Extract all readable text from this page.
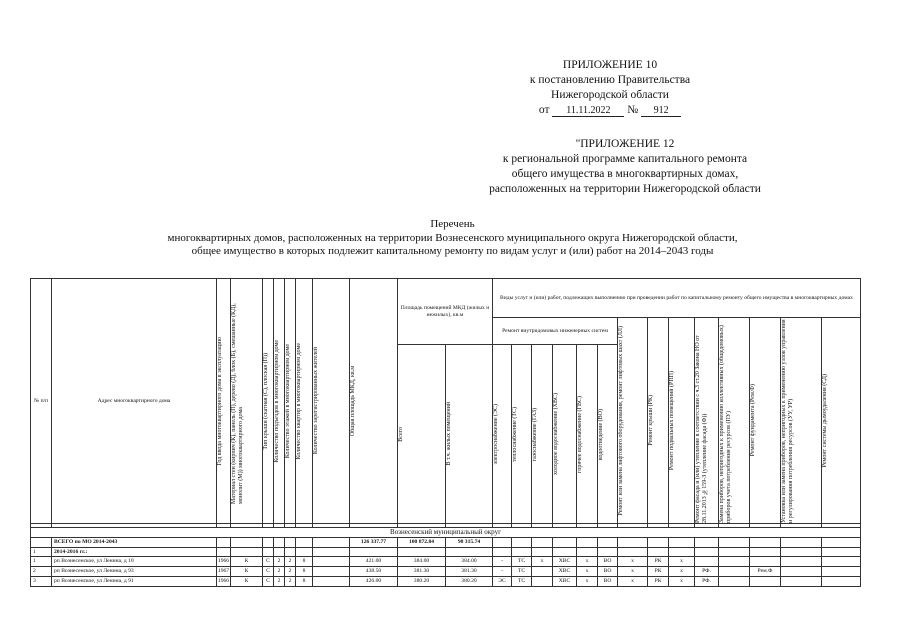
ПРИЛОЖЕНИЕ 10
к постановлению Правительства
Нижегородской области
от 11.11.2022 № 912
"ПРИЛОЖЕНИЕ 12
к региональной программе капитального ремонта
общего имущества в многоквартирных домах,
расположенных на территории Нижегородской области
Перечень
многоквартирных домов, расположенных на территории Вознесенского муниципального округа Нижегородской области,
общее имущество в которых подлежит капитальному ремонту по видам услуг и (или) работ на 2014–2043 годы
№ п/п	Адрес многоквартирного дома	Год ввода многоквартирного дома в эксплуатацию	Материал стен (кирпич (К), панель (П), дерево (Д), блок (Б), смешанные (КД), монолит (М)) многоквартирного дома	Тип крыши (скатная (С), плоская (П))	Количество подъездов в многоквартирном доме	Количество этажей в многоквартирном доме	Количество квартир в многоквартирном доме	Количество зарегистрированных жителей	Общая площадь МКД, кв.м	Площадь помещений МКД (жилых и нежилых), кв.м		Виды услуг и (или) работ, подлежащих выполнению при проведении работ по капитальному ремонту общего имущества в многоквартирных домах													
												Ремонт внутридомовых инженерных систем						Ремонт или замена лифтового оборудования, ремонт лифтовых шахт (ЛЛ)	Ремонт крыши (РК)	Ремонт подвальных помещений (РПП)	Ремонт фасада и (или) утепление в соответствии с ч.3 ст.20 Закона НО от 28.11.2013 №159-З (утепление фасада (Ф))	Замена приборов, непригодных к применению коллективных (общедомовых) приборов учета потребления ресурсов (ПУ)	Ремонт фундамента (Рем.Ф)	Установка или замена приборов, непригодных к применению узлов управления и регулирования потребления ресурсов (УУ, УР)	Ремонт системы дымоудаления (СД)

										Всего	В т.ч. жилых помещений	электроснабжение (ЭС)	теплоснабжение (ТС)	газоснабжение (ГАЗ)	холодное водоснабжение (ХВС)	горячее водоснабжение (ГВС)	водоотведение (ВО)								

Вознесенский муниципальный округ																									
	ВСЕГО по МО 2014-2043								126 337.77	100 872.84	98 315.74														
1	2014-2016 гг.:																								
1	рп Вознесенское, ул Ленина, д 10	1966	К	С	2	2	8		421.00	384.00	384.00	-	ТС	x	ХВС	x	ВО	x	РК	x					
2	рп Вознесенское, ул Ленина, д 93	1967	К	С	2	2	8		438.50	381.30	381.30	-	ТС		ХВС	x	ВО	x	РК	x	РФ.		Рем.Ф		
3	рп Вознесенское, ул Ленина, д 91	1966	К	С	2	2	8		426.00	380.20	380.20	ЭС	ТС		ХВС	x	ВО	x	РК	x	РФ.				
